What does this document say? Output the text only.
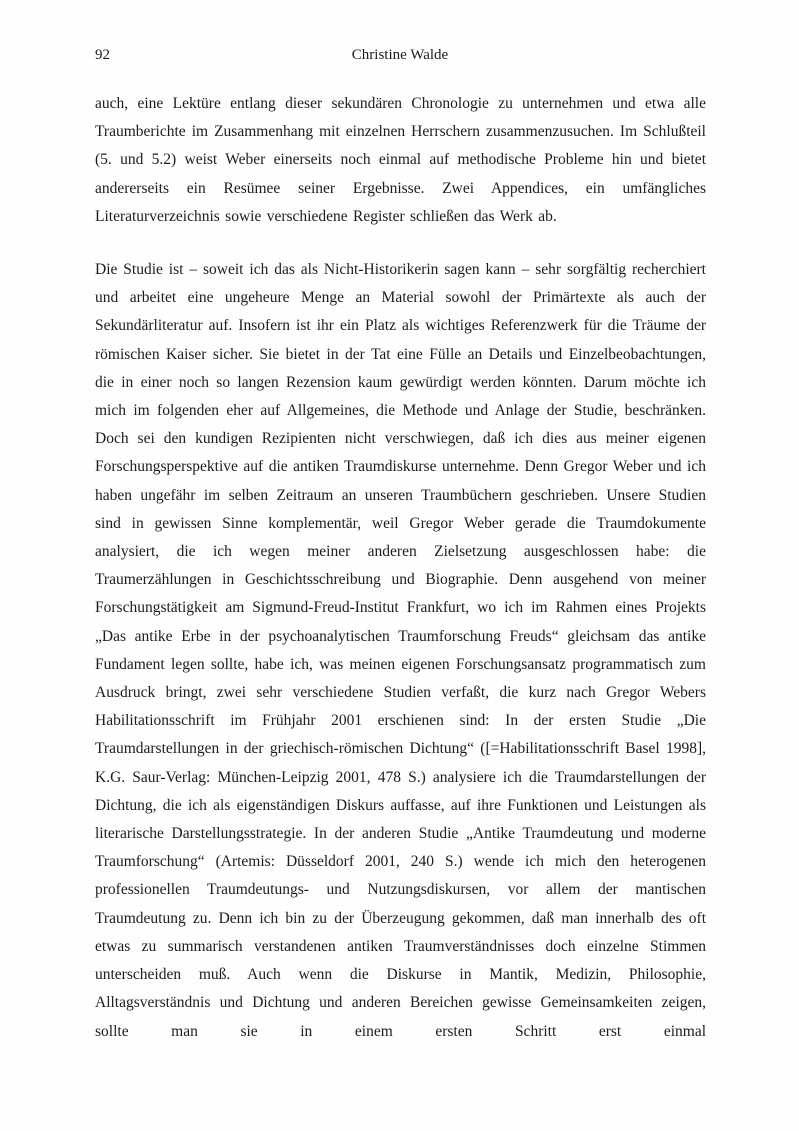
92	Christine Walde

auch, eine Lektüre entlang dieser sekundären Chronologie zu unternehmen und etwa alle Traumberichte im Zusammenhang mit einzelnen Herrschern zusammenzusuchen. Im Schlußteil (5. und 5.2) weist Weber einerseits noch einmal auf methodische Probleme hin und bietet andererseits ein Resümee seiner Ergebnisse. Zwei Appendices, ein umfängliches Literaturverzeichnis sowie verschiedene Register schließen das Werk ab.

Die Studie ist – soweit ich das als Nicht-Historikerin sagen kann – sehr sorgfältig recherchiert und arbeitet eine ungeheure Menge an Material sowohl der Primärtexte als auch der Sekundärliteratur auf. Insofern ist ihr ein Platz als wichtiges Referenzwerk für die Träume der römischen Kaiser sicher. Sie bietet in der Tat eine Fülle an Details und Einzelbeobachtungen, die in einer noch so langen Rezension kaum gewürdigt werden könnten. Darum möchte ich mich im folgenden eher auf Allgemeines, die Methode und Anlage der Studie, beschränken. Doch sei den kundigen Rezipienten nicht verschwiegen, daß ich dies aus meiner eigenen Forschungsperspektive auf die antiken Traumdiskurse unternehme. Denn Gregor Weber und ich haben ungefähr im selben Zeitraum an unseren Traumbüchern geschrieben. Unsere Studien sind in gewissen Sinne komplementär, weil Gregor Weber gerade die Traumdokumente analysiert, die ich wegen meiner anderen Zielsetzung ausgeschlossen habe: die Traumerzählungen in Geschichtsschreibung und Biographie. Denn ausgehend von meiner Forschungstätigkeit am Sigmund-Freud-Institut Frankfurt, wo ich im Rahmen eines Projekts „Das antike Erbe in der psychoanalytischen Traumforschung Freuds“ gleichsam das antike Fundament legen sollte, habe ich, was meinen eigenen Forschungsansatz programmatisch zum Ausdruck bringt, zwei sehr verschiedene Studien verfaßt, die kurz nach Gregor Webers Habilitationsschrift im Frühjahr 2001 erschienen sind: In der ersten Studie „Die Traumdarstellungen in der griechisch-römischen Dichtung“ ([=Habilitationsschrift Basel 1998], K.G. Saur-Verlag: München-Leipzig 2001, 478 S.) analysiere ich die Traumdarstellungen der Dichtung, die ich als eigenständigen Diskurs auffasse, auf ihre Funktionen und Leistungen als literarische Darstellungsstrategie. In der anderen Studie „Antike Traumdeutung und moderne Traumforschung“ (Artemis: Düsseldorf 2001, 240 S.) wende ich mich den heterogenen professionellen Traumdeutungs- und Nutzungsdiskursen, vor allem der mantischen Traumdeutung zu. Denn ich bin zu der Überzeugung gekommen, daß man innerhalb des oft etwas zu summarisch verstandenen antiken Traumverständnisses doch einzelne Stimmen unterscheiden muß. Auch wenn die Diskurse in Mantik, Medizin, Philosophie, Alltagsverständnis und Dichtung und anderen Bereichen gewisse Gemeinsamkeiten zeigen, sollte man sie in einem ersten Schritt erst einmal
